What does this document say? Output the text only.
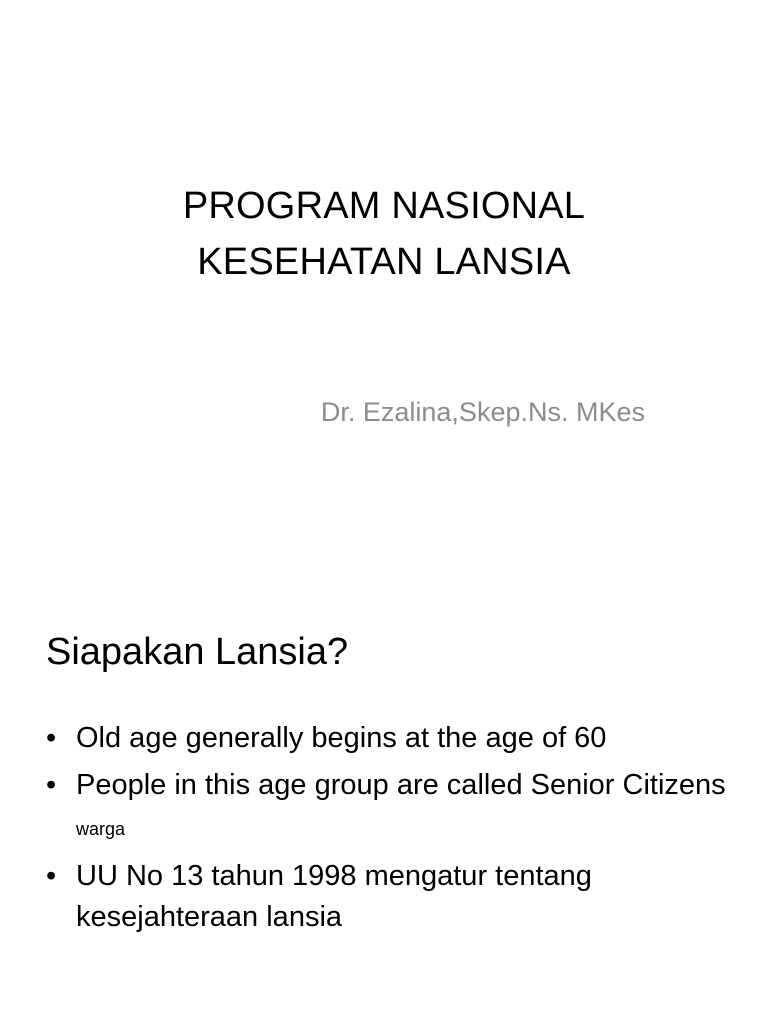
PROGRAM NASIONAL
KESEHATAN LANSIA
Dr. Ezalina,Skep.Ns. MKes
Siapakan Lansia?
• Old age generally begins at the age of 60
• People in this age group are called Senior Citizens warga
• UU No 13 tahun 1998 mengatur tentang kesejahteraan lansia
